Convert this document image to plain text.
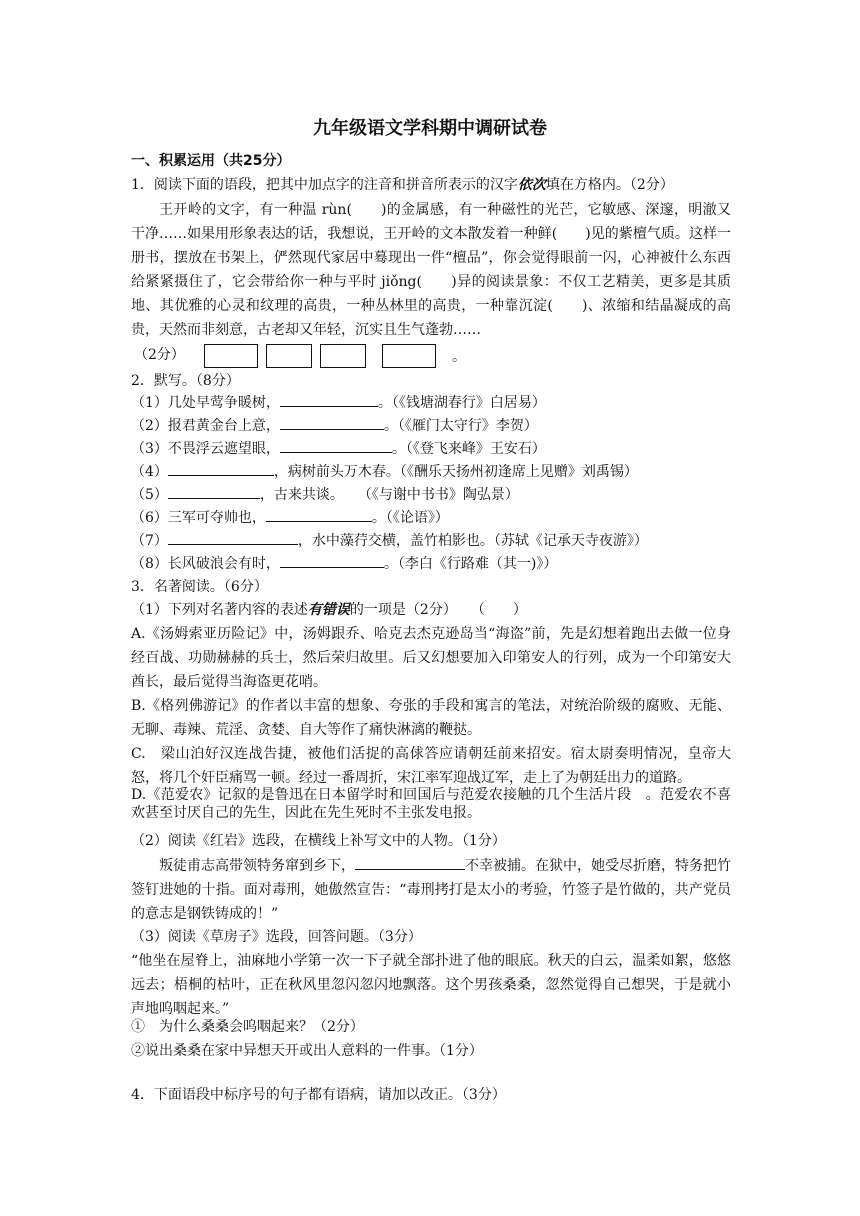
九年级语文学科期中调研试卷
一、积累运用（共25分）
1．阅读下面的语段，把其中加点字的注音和拼音所表示的汉字依次填在方格内。（2分）
王开岭的文字，有一种温 rùn(　　)的金属感，有一种磁性的光芒，它敏感、深邃，明澈又干净……如果用形象表达的话，我想说，王开岭的文本散发着一种鲜(　　)见的紫檀气质。这样一册书，摆放在书架上，俨然现代家居中蓦现出一件“檀品”，你会觉得眼前一闪，心神被什么东西给紧紧摄住了，它会带给你一种与平时 jiǒng(　　)异的阅读景象：不仅工艺精美，更多是其质地、其优雅的心灵和纹理的高贵，一种丛林里的高贵，一种靠沉淀(　　)、浓缩和结晶凝成的高贵，天然而非刻意，古老却又年轻，沉实且生气蓬勃……
（2分）	。
2．默写。（8分）
（1）几处早莺争暖树，	。（《钱塘湖春行》白居易）
（2）报君黄金台上意，	。（《雁门太守行》李贺）
（3）不畏浮云遮望眼，	。（《登飞来峰》王安石）
（4）	，病树前头万木春。（《酬乐天扬州初逢席上见赠》刘禹锡）
（5）	，古来共谈。　　（《与谢中书书》陶弘景）
（6）三军可夺帅也，	。（《论语》）
（7）	，水中藻荇交横，盖竹柏影也。（苏轼《记承天寺夜游》）
（8）长风破浪会有时，	。（李白《行路难（其一)》）
3．名著阅读。（6分）
（1）下列对名著内容的表述有错误的一项是（2分）　　（　　）
A.《汤姆索亚历险记》中，汤姆跟乔、哈克去杰克逊岛当“海盗”前，先是幻想着跑出去做一位身经百战、功勋赫赫的兵士，然后荣归故里。后又幻想要加入印第安人的行列，成为一个印第安大酋长，最后觉得当海盗更花哨。
B.《格列佛游记》的作者以丰富的想象、夸张的手段和寓言的笔法，对统治阶级的腐败、无能、无聊、毒辣、荒淫、贪婪、自大等作了痛快淋漓的鞭挞。
C.　梁山泊好汉连战告捷，被他们活捉的高俅答应请朝廷前来招安。宿太尉奏明情况，皇帝大怒，将几个奸臣痛骂一顿。经过一番周折，宋江率军迎战辽军，走上了为朝廷出力的道路。
D.《范爱农》记叙的是鲁迅在日本留学时和回国后与范爱农接触的几个生活片段　。范爱农不喜欢甚至讨厌自己的先生，因此在先生死时不主张发电报。
（2）阅读《红岩》选段，在横线上补写文中的人物。（1分）
叛徒甫志高带领特务窜到乡下，	不幸被捕。在狱中，她受尽折磨，特务把竹签钉进她的十指。面对毒刑，她傲然宣告：“毒刑拷打是太小的考验，竹签子是竹做的，共产党员的意志是钢铁铸成的！”
（3）阅读《草房子》选段，回答问题。（3分）
“他坐在屋脊上，油麻地小学第一次一下子就全部扑进了他的眼底。秋天的白云，温柔如絮，悠悠远去；梧桐的枯叶，正在秋风里忽闪忽闪地飘落。这个男孩桑桑，忽然觉得自己想哭，于是就小声地呜咽起来。”
①　为什么桑桑会呜咽起来？（2分）
②说出桑桑在家中异想天开或出人意料的一件事。（1分）
4．下面语段中标序号的句子都有语病，请加以改正。（3分）
